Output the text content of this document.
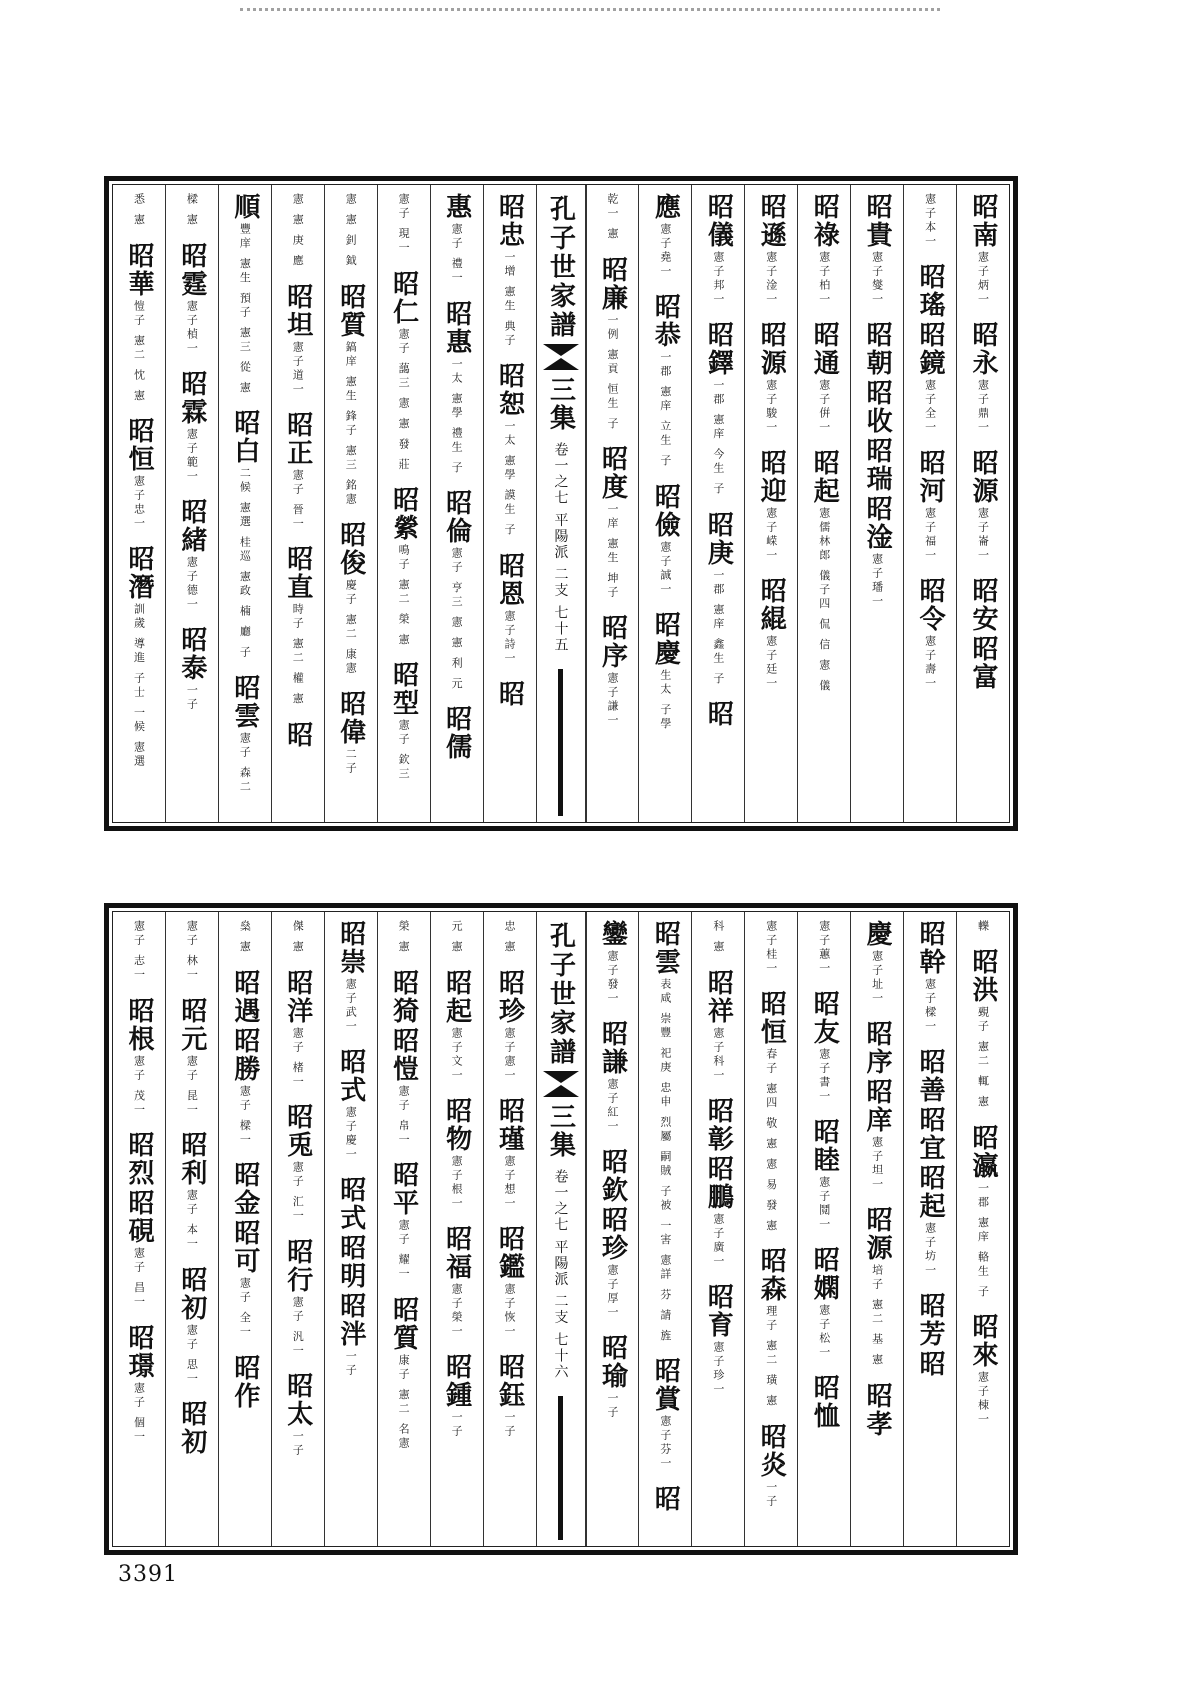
昭南
憲子炳一
昭永
憲子鼎一
昭源
憲子崙一
昭安
昭富
憲子本一
昭瑤
昭鏡
憲子全一
昭河
憲子福一
昭令
憲子壽一
昭貴
憲子燮一
昭朝
昭收
昭瑞
昭淦
憲子璠一
昭祿
憲子柏一
昭通
憲子倂一
昭起
憲儒林郎 儀子四 侃 信 憲 儀
昭遜
憲子淦一
昭源
憲子駿一
昭迎
憲子嵘一
昭緄
憲子廷一
昭儀
憲子邦一
昭鐸
一郡 憲庠 今生 子
昭庚
一郡 憲庠 鑫生 子
昭
應
憲子堯一
昭恭
一郡 憲庠 立生 子
昭儉
憲子誠一
昭慶
生太 子學
乾一 憲
昭廉
一例 憲貢 恒生 子
昭度
一庠 憲生 坤子
昭序
憲子謙一
孔子世家譜
三集
卷一之七 平陽派 二支 七十五
昭忠
一增 憲生 典子
昭恕
一太 憲學 謨生 子
昭恩
憲子詩一
昭
惠
憲子 禮一
昭惠
一太 憲學 禮生 子
昭倫
憲子 亨三 憲 憲 利 元
昭儒
憲子 現一
昭仁
憲子 藹三 憲 憲 發 莊
昭縈
鳴子 憲二 榮 憲
昭型
憲子 欽三
憲 憲 釗 鉞
昭質
鎬庠 憲生 鋒子 憲三 銘憲
昭俊
慶子 憲二 康憲
昭偉
二子
憲 憲 庚 應
昭坦
憲子道一
昭正
憲子 晉一
昭直
時子 憲二 權 憲
昭
順
豐庠 憲生 預子 憲三 從 憲
昭白
二候 憲選 桂巡 憲政 楠 廳 子
昭雲
憲子 森二
樑 憲
昭霆
憲子楨一
昭霖
憲子範一
昭緒
憲子德一
昭泰
一子
悉 憲
昭華
愷子 憲二 忱 憲
昭恒
憲子忠一
昭潛
訓歲 導進 子士 一候 憲選
轢
昭洪
覡子 憲二 輒 憲
昭瀛
一郡 憲庠 輅生 子
昭來
憲子棟一
昭幹
憲子樑一
昭善
昭宜
昭起
憲子坊一
昭芳
昭
慶
憲子址一
昭序
昭庠
憲子坦一
昭源
培子 憲二 基 憲
昭孝
憲子蕙一
昭友
憲子書一
昭睦
憲子鬩一
昭嫻
憲子松一
昭恤
憲子桂一
昭恒
春子 憲四 敬 憲 憲 易 發 憲
昭森
理子 憲二 璜 憲
昭炎
一子
科 憲
昭祥
憲子科一
昭彰
昭鵬
憲子廣一
昭育
憲子珍一
昭雲
表咸 崇豐 祀庚 忠申 烈屬 嗣賊 子被 一害 憲詳 芬 請 旌
昭賞
憲子芬一
昭
鑾
憲子發一
昭謙
憲子紅一
昭欽
昭珍
憲子厚一
昭瑜
一子
孔子世家譜
三集
卷一之七 平陽派 二支 七十六
忠 憲
昭珍
憲子憲一
昭瑾
憲子想一
昭鑑
憲子恢一
昭鈺
一子
元 憲
昭起
憲子文一
昭物
憲子根一
昭福
憲子榮一
昭鍾
一子
榮 憲
昭猗
昭愷
憲子 帛一
昭平
憲子 耀一
昭質
康子 憲二 名憲
昭崇
憲子武一
昭式
憲子慶一
昭式
昭明
昭泮
一子
傑 憲
昭洋
憲子 楮一
昭兎
憲子 汇一
昭行
憲子 汎一
昭太
一子
燊 憲
昭遇
昭勝
憲子 樑一
昭金
昭可
憲子 全一
昭作
憲子 林一
昭元
憲子 昆一
昭利
憲子 本一
昭初
憲子 思一
昭初
憲子 志一
昭根
憲子 茂一
昭烈
昭硯
憲子 昌一
昭璟
憲子 個一
3391
